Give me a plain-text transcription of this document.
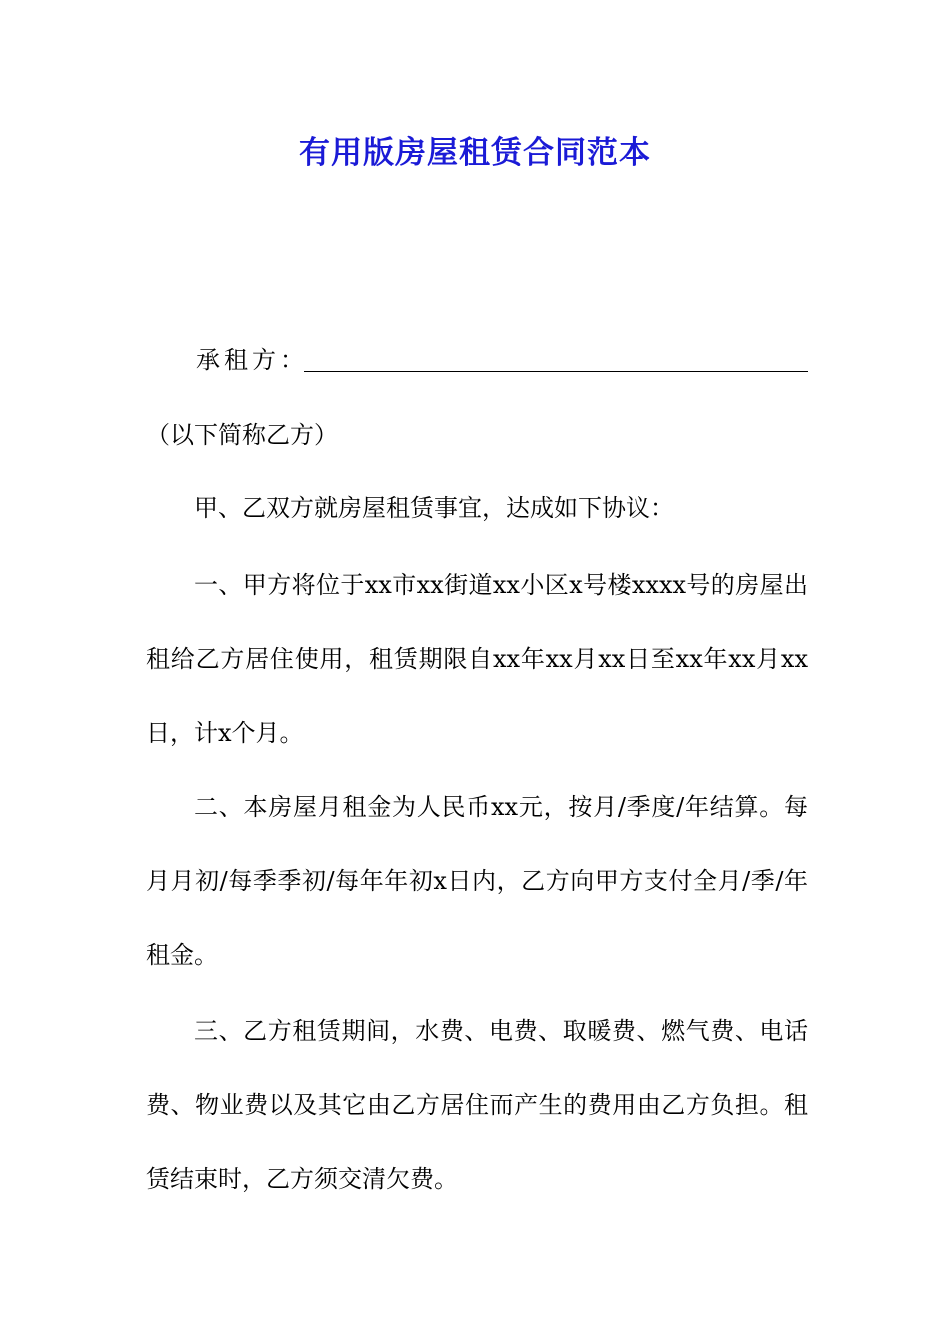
有用版房屋租赁合同范本
承租方：
（以下简称乙方）
甲、乙双方就房屋租赁事宜，达成如下协议：
一、甲方将位于xx市xx街道xx小区x号楼xxxx号的房屋出租给乙方居住使用，租赁期限自xx年xx月xx日至xx年xx月xx日，计x个月。
二、本房屋月租金为人民币xx元，按月/季度/年结算。每月月初/每季季初/每年年初x日内，乙方向甲方支付全月/季/年租金。
三、乙方租赁期间，水费、电费、取暖费、燃气费、电话费、物业费以及其它由乙方居住而产生的费用由乙方负担。租赁结束时，乙方须交清欠费。
